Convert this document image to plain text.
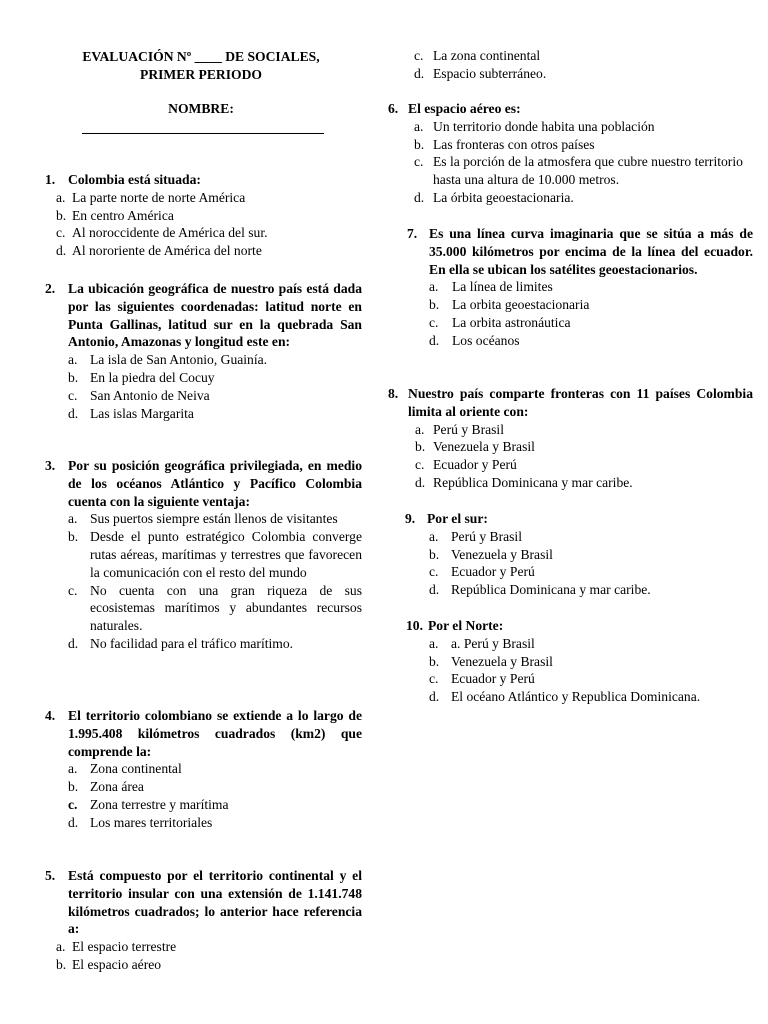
EVALUACIÓN Nº ____ DE SOCIALES,
PRIMER PERIODO
NOMBRE:
1. Colombia está situada:
a. La parte norte de norte América
b. En centro América
c. Al noroccidente de América del sur.
d. Al nororiente de América del norte
2. La ubicación geográfica de nuestro país está dada por las siguientes coordenadas: latitud norte en Punta Gallinas, latitud sur en la quebrada San Antonio, Amazonas y longitud este en:
a. La isla de San Antonio, Guainía.
b. En la piedra del Cocuy
c. San Antonio de Neiva
d. Las islas Margarita
3. Por su posición geográfica privilegiada, en medio de los océanos Atlántico y Pacífico Colombia cuenta con la siguiente ventaja:
a. Sus puertos siempre están llenos de visitantes
b. Desde el punto estratégico Colombia converge rutas aéreas, marítimas y terrestres que favorecen la comunicación con el resto del mundo
c. No cuenta con una gran riqueza de sus ecosistemas marítimos y abundantes recursos naturales.
d. No facilidad para el tráfico marítimo.
4. El territorio colombiano se extiende a lo largo de 1.995.408 kilómetros cuadrados (km2) que comprende la:
a. Zona continental
b. Zona área
c. Zona terrestre y marítima
d. Los mares territoriales
5. Está compuesto por el territorio continental y el territorio insular con una extensión de 1.141.748 kilómetros cuadrados; lo anterior hace referencia a:
a. El espacio terrestre
b. El espacio aéreo
c. La zona continental
d. Espacio subterráneo.
6. El espacio aéreo es:
a. Un territorio donde habita una población
b. Las fronteras con otros países
c. Es la porción de la atmosfera que cubre nuestro territorio hasta una altura de 10.000 metros.
d. La órbita geoestacionaria.
7. Es una línea curva imaginaria que se sitúa a más de 35.000 kilómetros por encima de la línea del ecuador. En ella se ubican los satélites geoestacionarios.
a. La línea de limites
b. La orbita geoestacionaria
c. La orbita astronáutica
d. Los océanos
8. Nuestro país comparte fronteras con 11 países Colombia limita al oriente con:
a. Perú y Brasil
b. Venezuela y Brasil
c. Ecuador y Perú
d. República Dominicana y mar caribe.
9. Por el sur:
a. Perú y Brasil
b. Venezuela y Brasil
c. Ecuador y Perú
d. República Dominicana y mar caribe.
10. Por el Norte:
a. a. Perú y Brasil
b. Venezuela y Brasil
c. Ecuador y Perú
d. El océano Atlántico y Republica Dominicana.
